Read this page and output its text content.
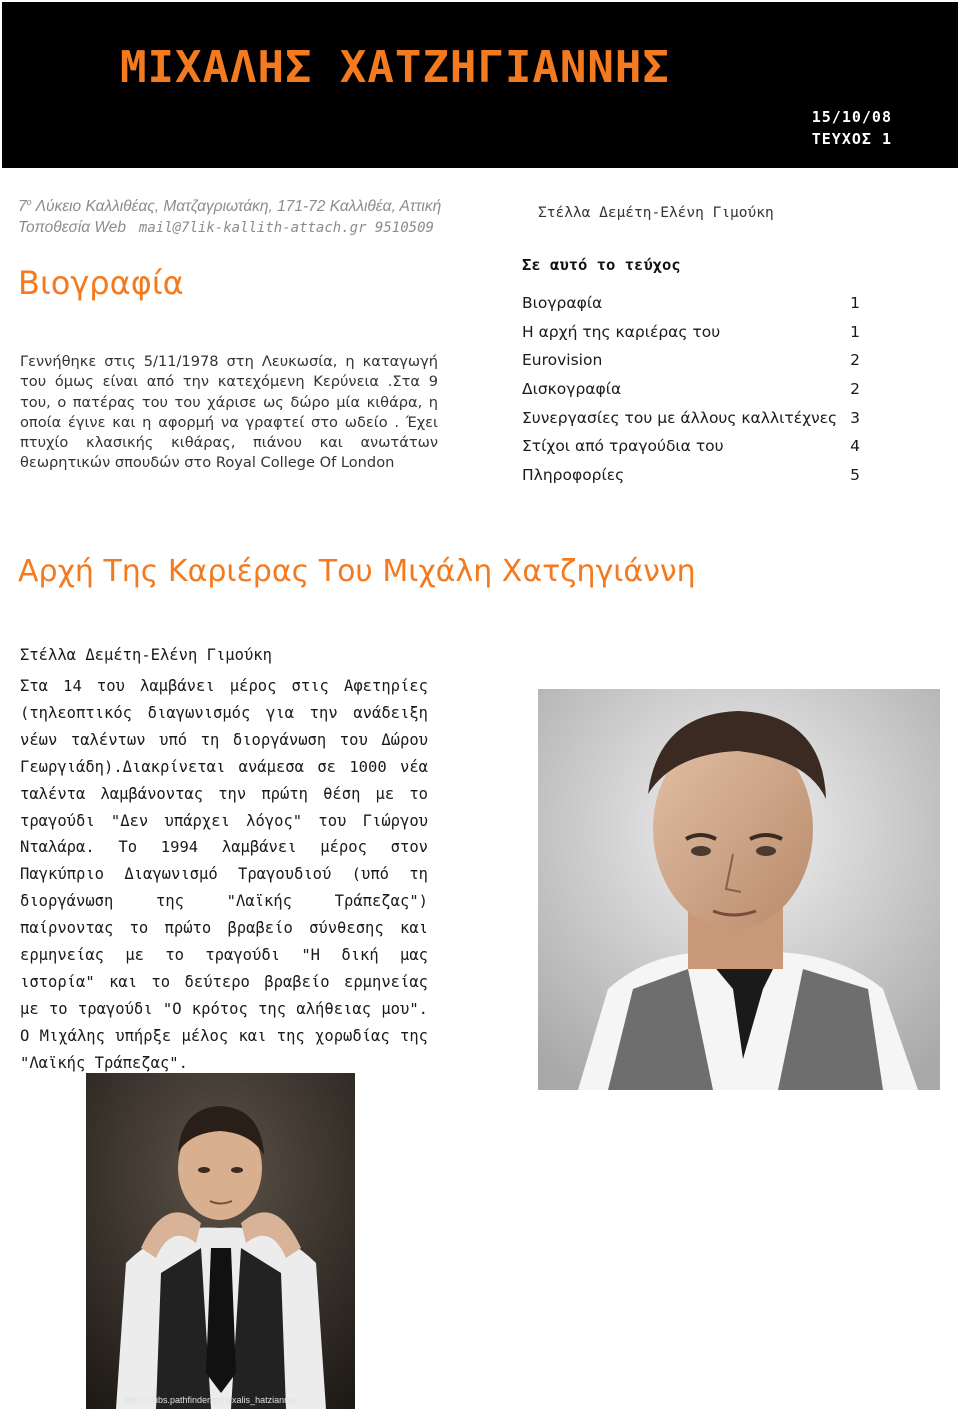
ΜΙΧΑΛΗΣ ΧΑΤΖΗΓΙΑΝΝΗΣ
15/10/08
ΤΕΥΧΟΣ 1
$7^o$ Λύκειο Καλλιθέας, Ματζαγριωτάκη, 171-72 Καλλιθέα, Αττική
Τοποθεσία Web mail@7lik-kallith-attach.gr 9510509
Στέλλα Δεμέτη-Ελένη Γιμούκη
Βιογραφία
Γεννήθηκε στις 5/11/1978 στη Λευκωσία, η καταγωγή του όμως είναι από την κατεχόμενη Κερύνεια .Στα 9 του, ο πατέρας του του χάρισε ως δώρο μία κιθάρα, η οποία έγινε και η αφορμή να γραφτεί στο ωδείο . Έχει πτυχίο κλασικής κιθάρας, πιάνου και ανωτάτων θεωρητικών σπουδών στο Royal College Of London
Σε αυτό το τεύχος
Βιογραφία	1
Η αρχή της καριέρας του	1
Eurovision	2
Δισκογραφία	2
Συνεργασίες του με άλλους καλλιτέχνες 3
Στίχοι από τραγούδια του	4
Πληροφορίες	5
Αρχή Της Καριέρας Του Μιχάλη Χατζηγιάννη
Στέλλα Δεμέτη-Ελένη Γιμούκη
Στα 14 του λαμβάνει μέρος στις Αφετηρίες (τηλεοπτικός διαγωνισμός για την ανάδειξη νέων ταλέντων υπό τη διοργάνωση του Δώρου Γεωργιάδη).Διακρίνεται ανάμεσα σε 1000 νέα ταλέντα λαμβάνοντας την πρώτη θέση με το τραγούδι "Δεν υπάρχει λόγος" του Γιώργου Νταλάρα. Το 1994 λαμβάνει μέρος στον Παγκύπριο Διαγωνισμό Τραγουδιού (υπό τη διοργάνωση της "Λαϊκής Τράπεζας") παίρνοντας το πρώτο βραβείο σύνθεσης και ερμηνείας με το τραγούδι "Η δική μας ιστορία" και το δεύτερο βραβείο ερμηνείας με το τραγούδι "Ο κρότος της αλήθειας μου". Ο Μιχάλης υπήρξε μέλος και της χορωδίας της "Λαϊκής Τράπεζας".
http://clubs.pathfinder.gr/mixalis_hatziannis
